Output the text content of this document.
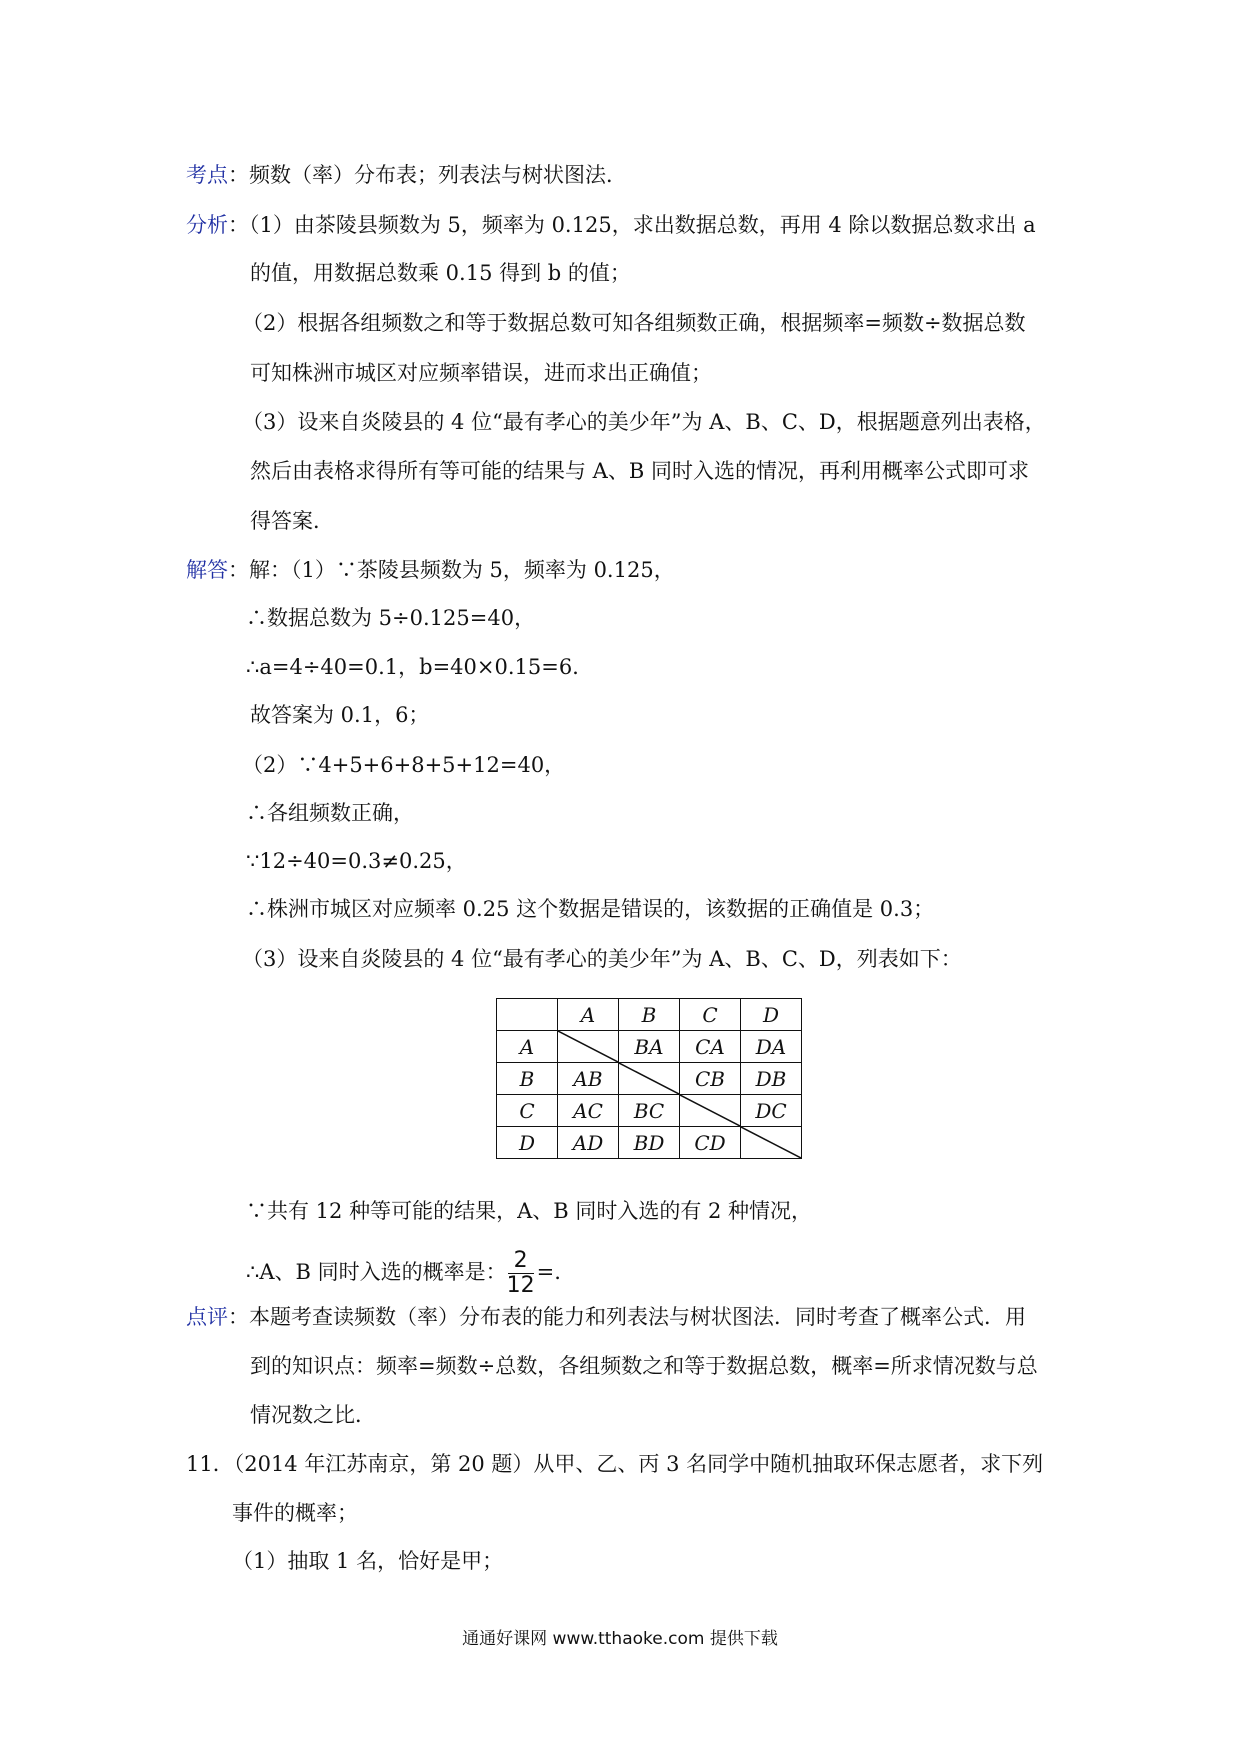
考点：频数（率）分布表；列表法与树状图法．
分析：（1）由茶陵县频数为 5，频率为 0.125，求出数据总数，再用 4 除以数据总数求出 a
的值，用数据总数乘 0.15 得到 b 的值；
（2）根据各组频数之和等于数据总数可知各组频数正确，根据频率=频数÷数据总数
可知株洲市城区对应频率错误，进而求出正确值；
（3）设来自炎陵县的 4 位“最有孝心的美少年”为 A、B、C、D，根据题意列出表格，
然后由表格求得所有等可能的结果与 A、B 同时入选的情况，再利用概率公式即可求
得答案．
解答：解：（1）∵茶陵县频数为 5，频率为 0.125，
∴数据总数为 5÷0.125=40，
∴a=4÷40=0.1，b=40×0.15=6．
故答案为 0.1，6；
（2）∵4+5+6+8+5+12=40，
∴各组频数正确，
∵12÷40=0.3≠0.25，
∴株洲市城区对应频率 0.25 这个数据是错误的，该数据的正确值是 0.3；
（3）设来自炎陵县的 4 位“最有孝心的美少年”为 A、B、C、D，列表如下：
	A	B	C	D
A		BA	CA	DA
B	AB		CB	DB
C	AC	BC		DC
D	AD	BD	CD	
∵共有 12 种等可能的结果，A、B 同时入选的有 2 种情况，
∴A、B 同时入选的概率是： $\frac{2}{12}$ =.
点评：本题考查读频数（率）分布表的能力和列表法与树状图法．同时考查了概率公式．用
到的知识点：频率=频数÷总数，各组频数之和等于数据总数，概率=所求情况数与总
情况数之比．
11．（2014 年江苏南京，第 20 题）从甲、乙、丙 3 名同学中随机抽取环保志愿者，求下列
事件的概率；
（1）抽取 1 名，恰好是甲；
通通好课网 www.tthaoke.com 提供下载
